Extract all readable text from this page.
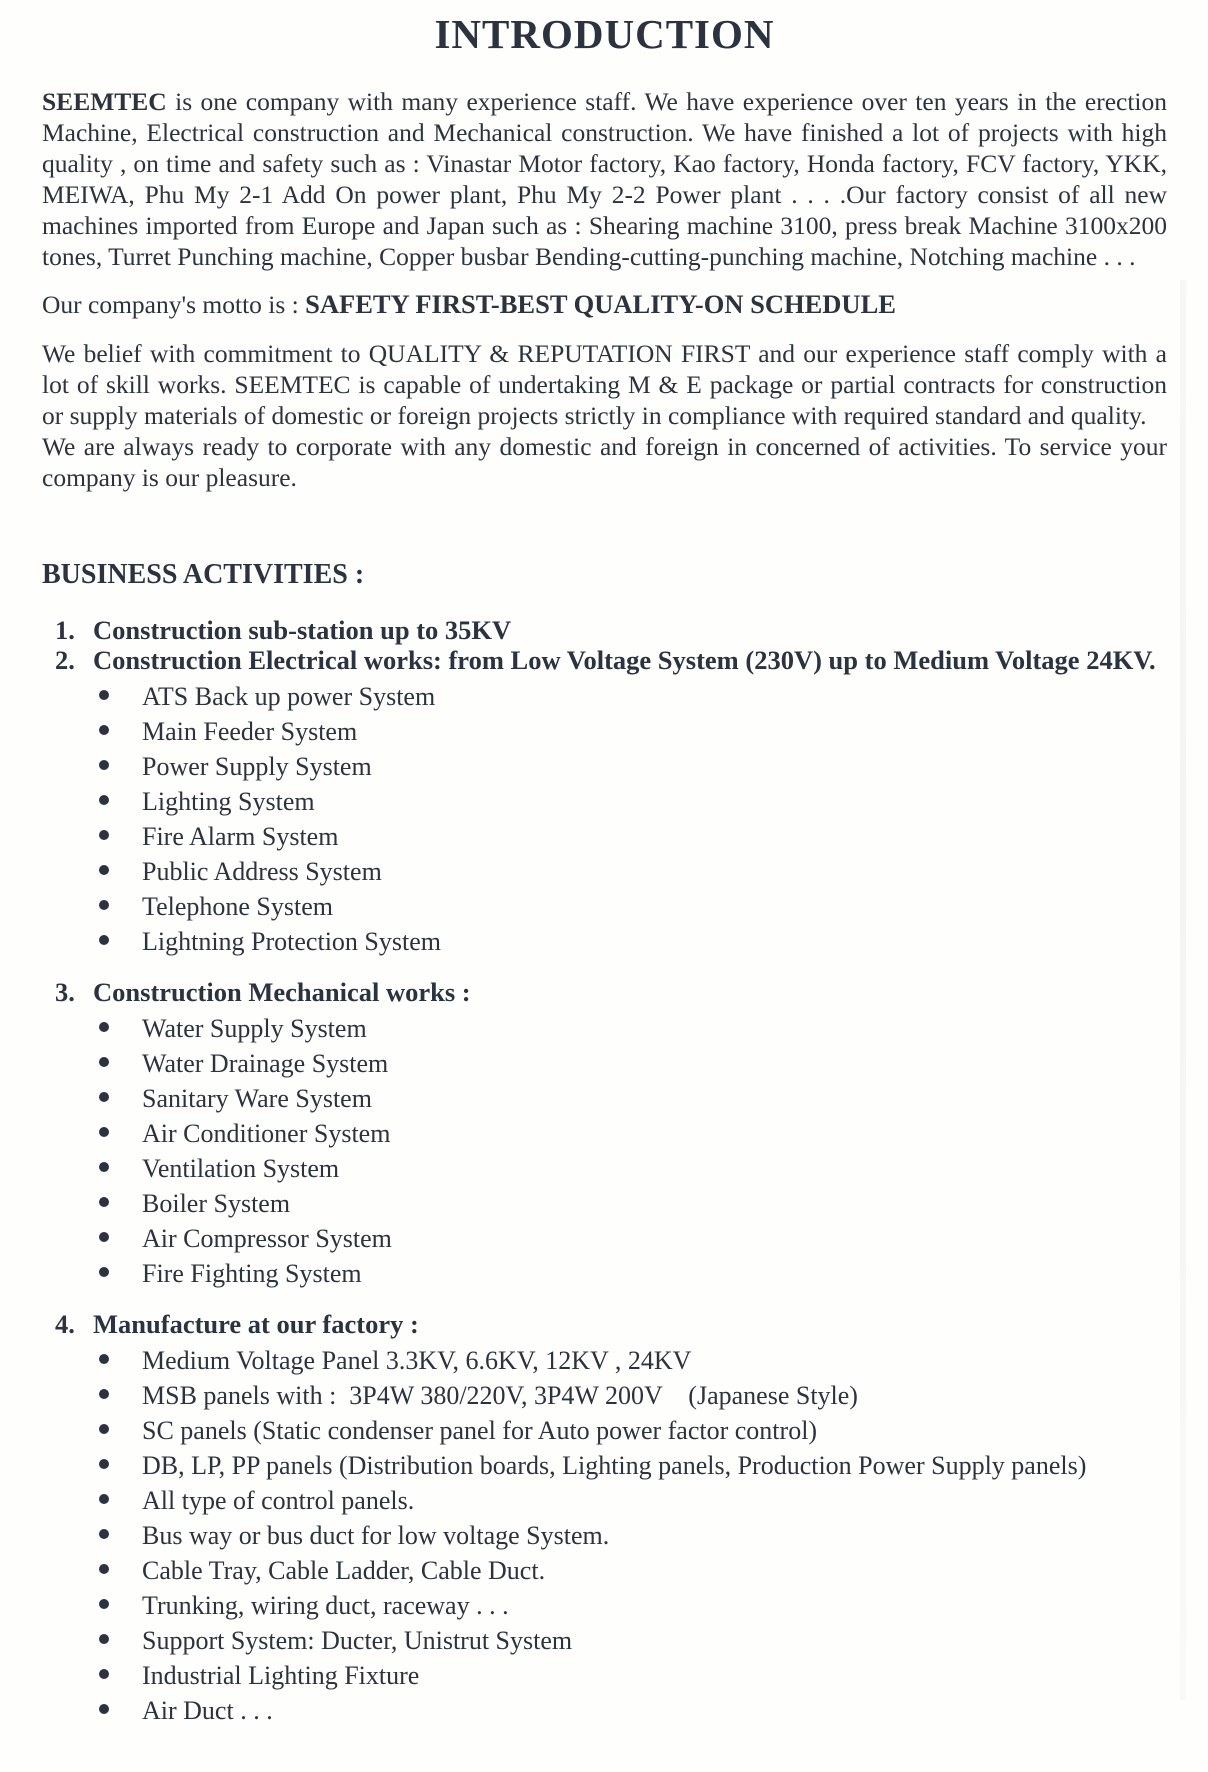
INTRODUCTION

SEEMTEC is one company with many experience staff. We have experience over ten years in the erection Machine, Electrical construction and Mechanical construction. We have finished a lot of projects with high quality , on time and safety such as : Vinastar Motor factory, Kao factory, Honda factory, FCV factory, YKK, MEIWA, Phu My 2-1 Add On power plant, Phu My 2-2 Power plant . . . .Our factory consist of all new machines imported from Europe and Japan such as : Shearing machine 3100, press break Machine 3100x200 tones, Turret Punching machine, Copper busbar Bending-cutting-punching machine, Notching machine . . .

Our company's motto is : SAFETY FIRST-BEST QUALITY-ON SCHEDULE

We belief with commitment to QUALITY & REPUTATION FIRST and our experience staff comply with a lot of skill works. SEEMTEC is capable of undertaking M & E package or partial contracts for construction or supply materials of domestic or foreign projects strictly in compliance with required standard and quality.

We are always ready to corporate with any domestic and foreign in concerned of activities. To service your company is our pleasure.

BUSINESS ACTIVITIES :
1. Construction sub-station up to 35KV
2. Construction Electrical works: from Low Voltage System (230V) up to Medium Voltage 24KV.
ATS Back up power System
Main Feeder System
Power Supply System
Lighting System
Fire Alarm System
Public Address System
Telephone System
Lightning Protection System
3. Construction Mechanical works :
Water Supply System
Water Drainage System
Sanitary Ware System
Air Conditioner System
Ventilation System
Boiler System
Air Compressor System
Fire Fighting System
4. Manufacture at our factory :
Medium Voltage Panel 3.3KV, 6.6KV, 12KV , 24KV
MSB panels with :  3P4W 380/220V, 3P4W 200V    (Japanese Style)
SC panels (Static condenser panel for Auto power factor control)
DB, LP, PP panels (Distribution boards, Lighting panels, Production Power Supply panels)
All type of control panels.
Bus way or bus duct for low voltage System.
Cable Tray, Cable Ladder, Cable Duct.
Trunking, wiring duct, raceway . . .
Support System: Ducter, Unistrut System
Industrial Lighting Fixture
Air Duct . . .
